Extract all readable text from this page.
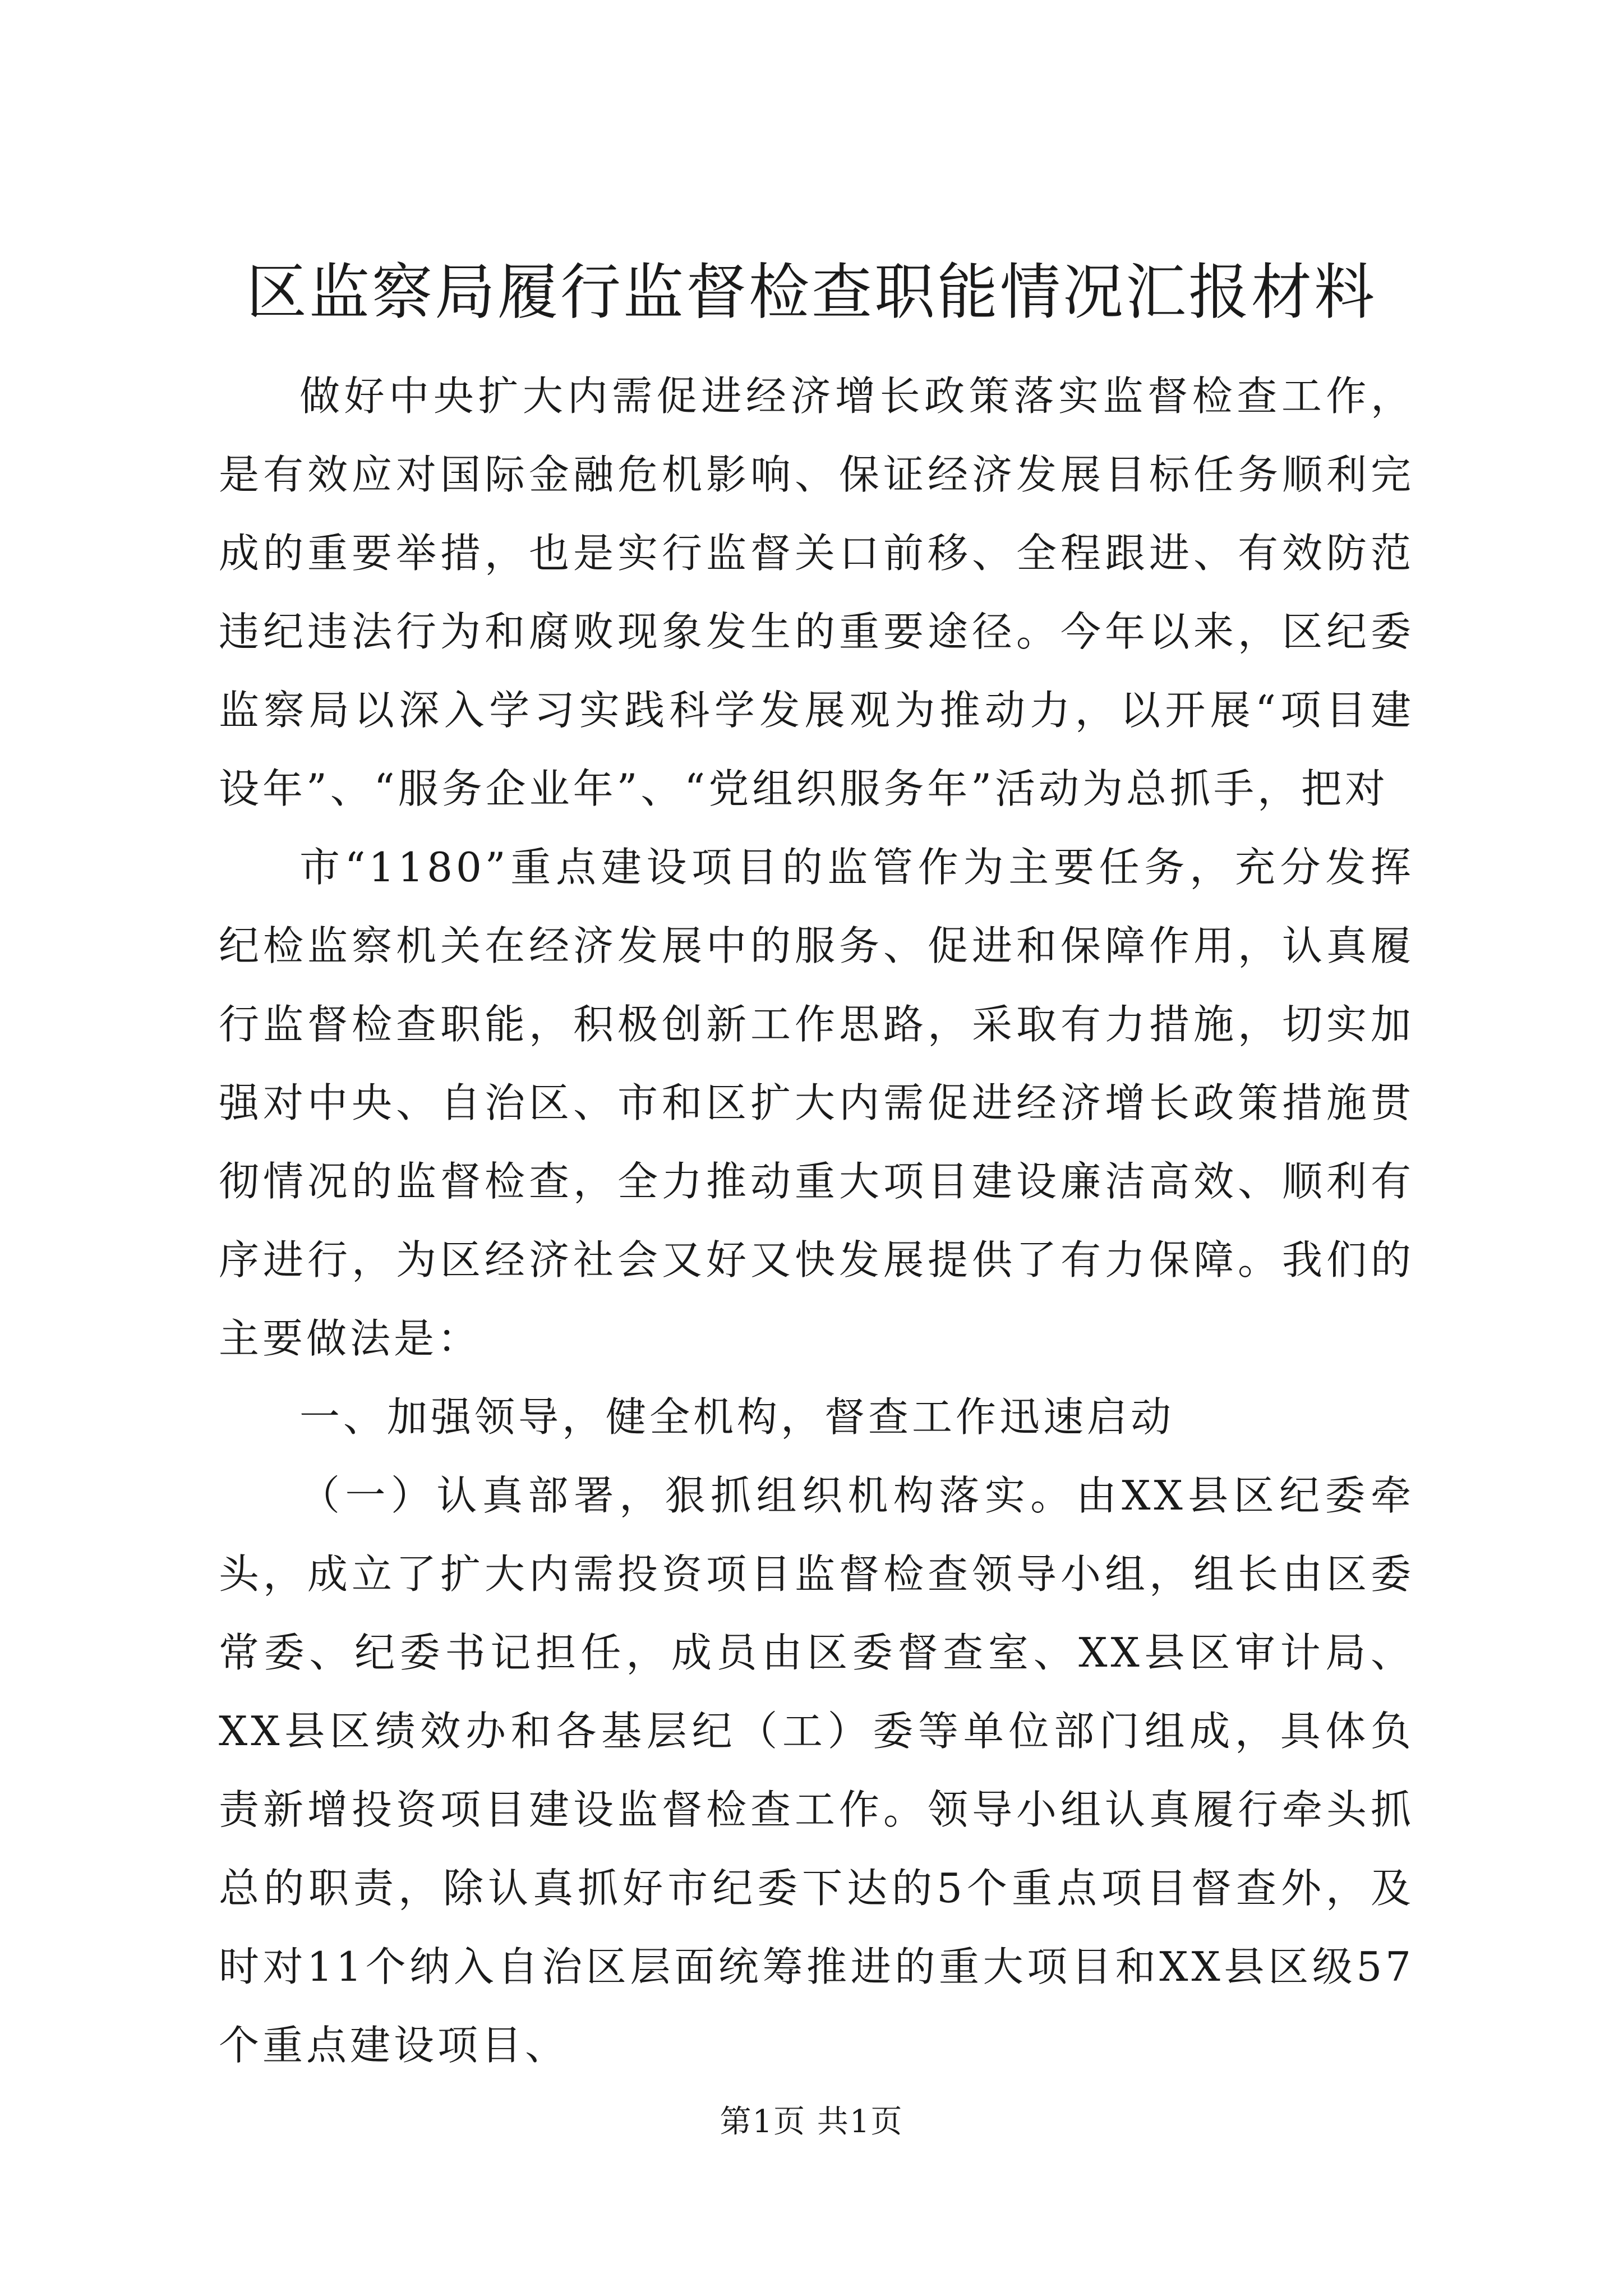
区监察局履行监督检查职能情况汇报材料

做好中央扩大内需促进经济增长政策落实监督检查工作，是有效应对国际金融危机影响、保证经济发展目标任务顺利完成的重要举措，也是实行监督关口前移、全程跟进、有效防范违纪违法行为和腐败现象发生的重要途径。今年以来，区纪委监察局以深入学习实践科学发展观为推动力，以开展“项目建设年”、“服务企业年”、“党组织服务年”活动为总抓手，把对

市“1180”重点建设项目的监管作为主要任务，充分发挥纪检监察机关在经济发展中的服务、促进和保障作用，认真履行监督检查职能，积极创新工作思路，采取有力措施，切实加强对中央、自治区、市和区扩大内需促进经济增长政策措施贯彻情况的监督检查，全力推动重大项目建设廉洁高效、顺利有序进行，为区经济社会又好又快发展提供了有力保障。我们的主要做法是：

一、加强领导，健全机构，督查工作迅速启动

（一）认真部署，狠抓组织机构落实。由XX县区纪委牵头，成立了扩大内需投资项目监督检查领导小组，组长由区委常委、纪委书记担任，成员由区委督查室、XX县区审计局、XX县区绩效办和各基层纪（工）委等单位部门组成，具体负责新增投资项目建设监督检查工作。领导小组认真履行牵头抓总的职责，除认真抓好市纪委下达的5个重点项目督查外，及时对11个纳入自治区层面统筹推进的重大项目和XX县区级57个重点建设项目、

第1页 共1页
